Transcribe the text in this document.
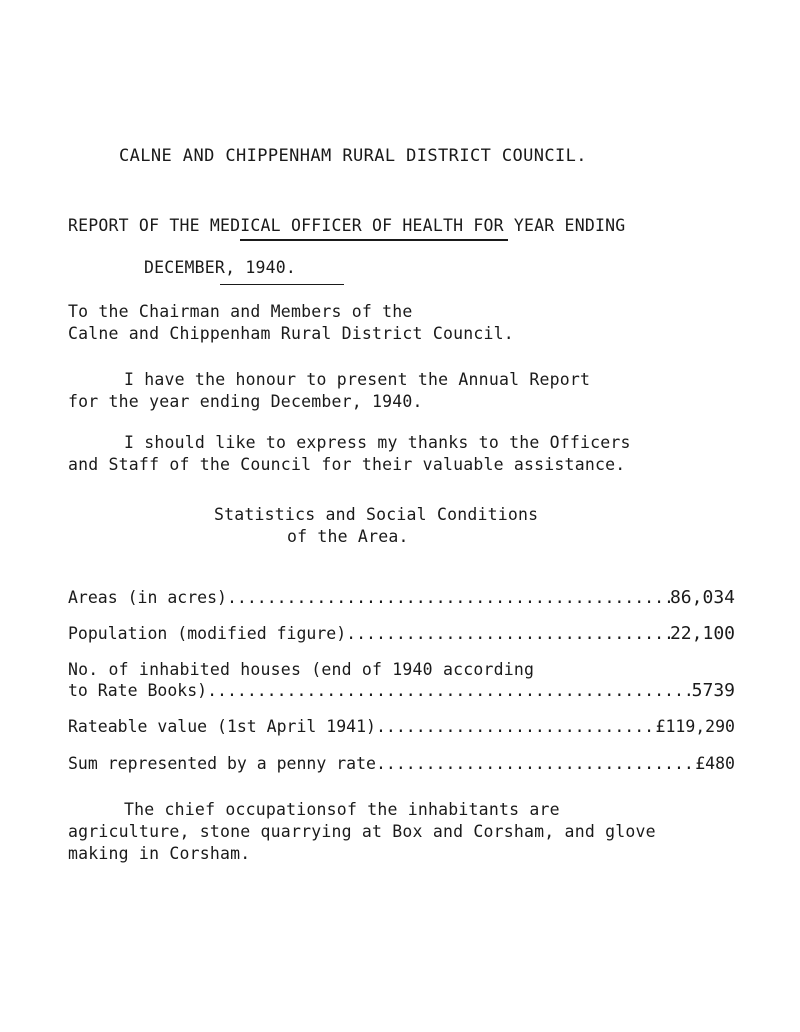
CALNE AND CHIPPENHAM RURAL DISTRICT COUNCIL.
REPORT OF THE MEDICAL OFFICER OF HEALTH FOR YEAR ENDING
DECEMBER, 1940.
To the Chairman and Members of the
Calne and Chippenham Rural District Council.
I have the honour to present the Annual Report
for the year ending December, 1940.
I should like to express my thanks to the Officers
and Staff of the Council for their valuable assistance.
Statistics and Social Conditions
of the Area.
Areas (in acres) .....	86,034
Population (modified figure) .....	22,100
No. of inhabited houses (end of 1940 according
to Rate Books) .....	5739
Rateable value (1st April 1941) .....	£119,290
Sum represented by a penny rate .....	£480
The chief occupationsof the inhabitants are
agriculture, stone quarrying at Box and Corsham, and glove
making in Corsham.
